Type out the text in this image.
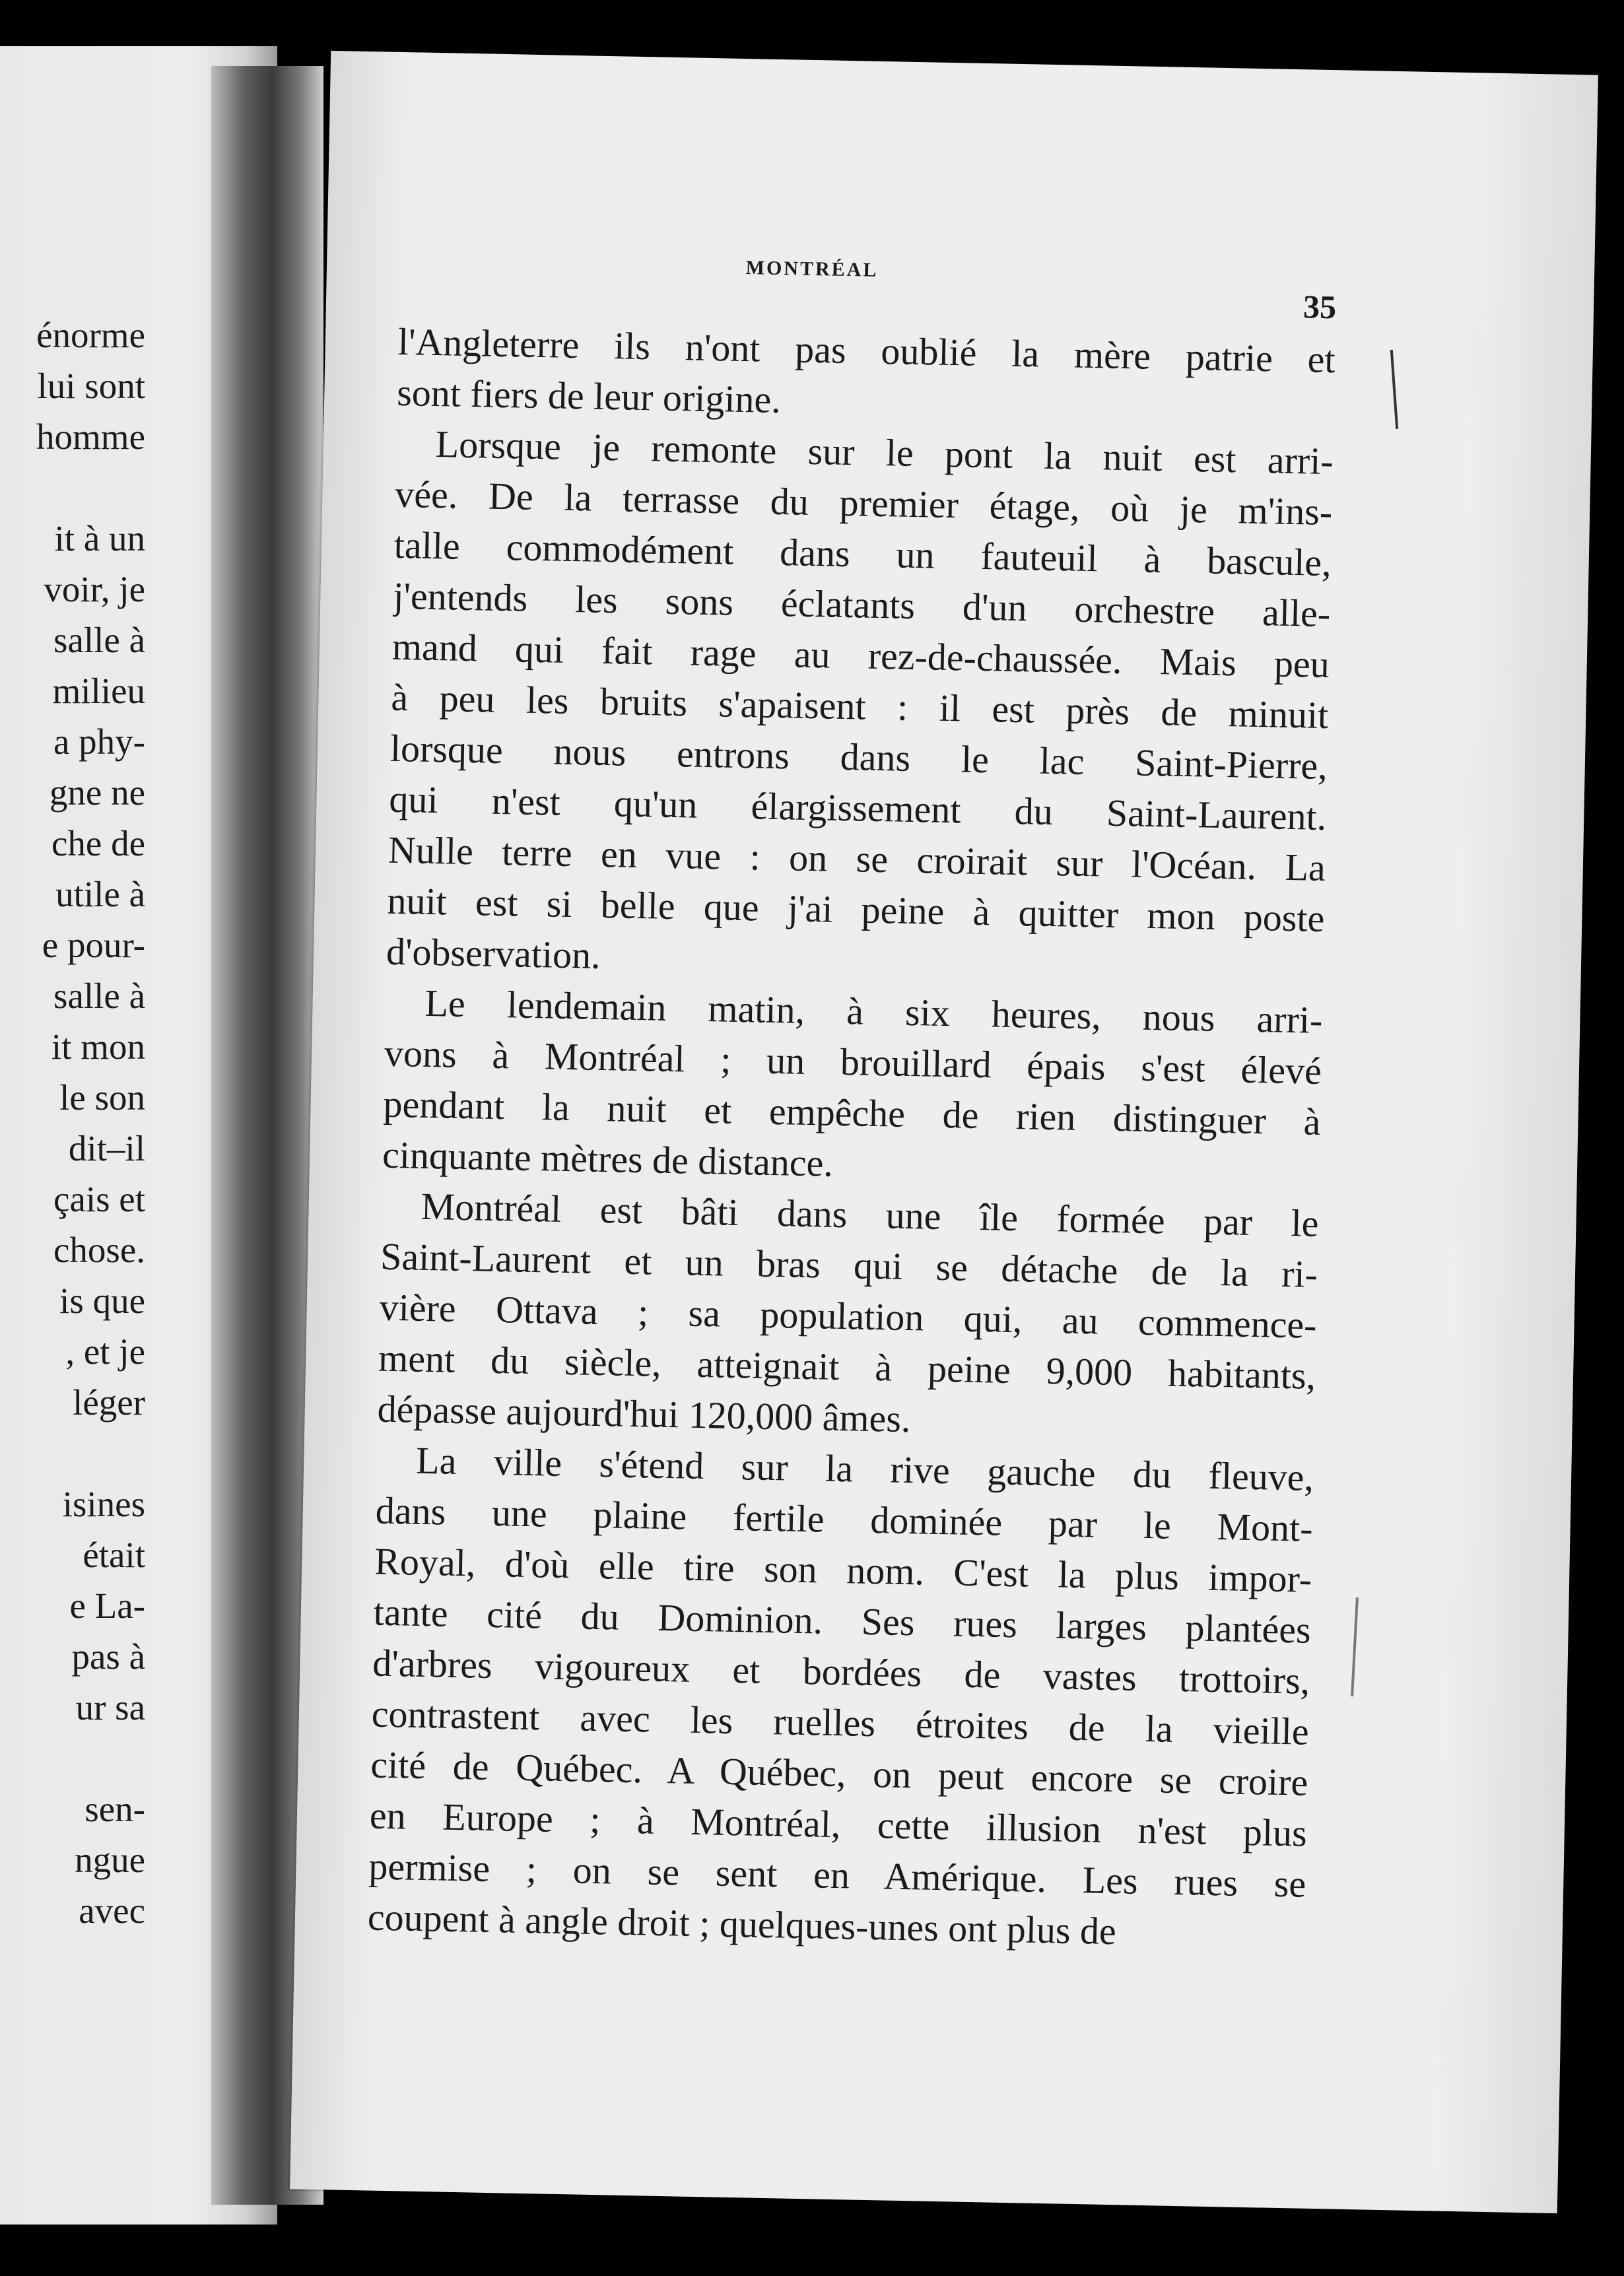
énorme
lui sont
homme
it à un
voir, je
salle à
milieu
a phy-
gne ne
che de
utile à
e pour-
salle à
it mon
le son
dit–il
çais et
chose.
is que
, et je
léger
isines
était
e La-
pas à
ur sa
sen-
ngue
avec
MONTRÉAL
35
l'Angleterre ils n'ont pas oublié la mère patrie et
sont fiers de leur origine.
Lorsque je remonte sur le pont la nuit est arri-
vée. De la terrasse du premier étage, où je m'ins-
talle commodément dans un fauteuil à bascule,
j'entends les sons éclatants d'un orchestre alle-
mand qui fait rage au rez-de-chaussée. Mais peu
à peu les bruits s'apaisent : il est près de minuit
lorsque nous entrons dans le lac Saint-Pierre,
qui n'est qu'un élargissement du Saint-Laurent.
Nulle terre en vue : on se croirait sur l'Océan. La
nuit est si belle que j'ai peine à quitter mon poste
d'observation.
Le lendemain matin, à six heures, nous arri-
vons à Montréal ; un brouillard épais s'est élevé
pendant la nuit et empêche de rien distinguer à
cinquante mètres de distance.
Montréal est bâti dans une île formée par le
Saint-Laurent et un bras qui se détache de la ri-
vière Ottava ; sa population qui, au commence-
ment du siècle, atteignait à peine 9,000 habitants,
dépasse aujourd'hui 120,000 âmes.
La ville s'étend sur la rive gauche du fleuve,
dans une plaine fertile dominée par le Mont-
Royal, d'où elle tire son nom. C'est la plus impor-
tante cité du Dominion. Ses rues larges plantées
d'arbres vigoureux et bordées de vastes trottoirs,
contrastent avec les ruelles étroites de la vieille
cité de Québec. A Québec, on peut encore se croire
en Europe ; à Montréal, cette illusion n'est plus
permise ; on se sent en Amérique. Les rues se
coupent à angle droit ; quelques-unes ont plus de
